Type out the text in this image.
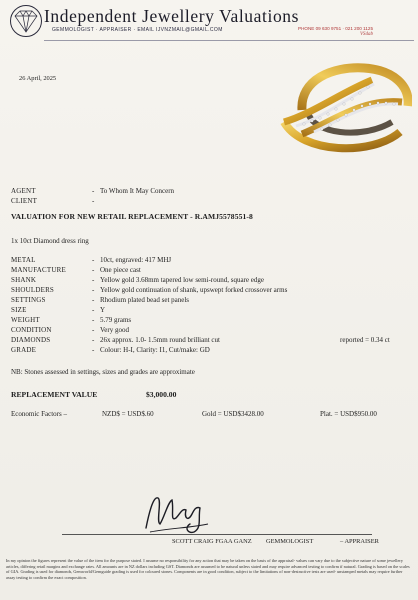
Independent Jewellery Valuations
GEMMOLOGIST · APPRAISER · EMAIL IJVNZMAIL@GMAIL.COM	PHONE 09 630 9751 · 021 200 1125
VS4ab
26 April, 2025
AGENT	- To Whom It May Concern
CLIENT	-
VALUATION FOR NEW RETAIL REPLACEMENT - R.AMJ5578551-8
1x 10ct Diamond dress ring
METAL	- 10ct, engraved: 417 MHJ
MANUFACTURE	- One piece cast
SHANK	- Yellow gold 3.68mm tapered low semi-round, square edge
SHOULDERS	- Yellow gold continuation of shank, upswept forked crossover arms
SETTINGS	- Rhodium plated bead set panels
SIZE	- Y
WEIGHT	- 5.79 grams
CONDITION	- Very good
DIAMONDS	- 26x approx. 1.0- 1.5mm round brilliant cut	reported = 0.34 ct
GRADE	- Colour: H-I, Clarity: I1, Cut/make: GD
NB: Stones assessed in settings, sizes and grades are approximate
REPLACEMENT VALUE	$3,000.00
Economic Factors –	NZD$ = USD$.60	Gold = USD$3428.00	Plat. = USD$950.00
SCOTT CRAIG FGAA GANZ GEMMOLOGIST	– APPRAISER
In my opinion the figures represent the value of the item for the purpose stated. I assume no responsibility for any action that may be taken on the basis of the appraisal- values can vary due to the subjective nature of some jewellery articles, differing retail margins and exchange rates. All amounts are in NZ dollars including GST. Diamonds are assumed to be natural unless stated and may require advanced testing to confirm if natural. Grading is based on the scales of GIA. Grading is used for diamonds, Gemworld/Gemguide grading is used for coloured stones. Components are in good condition, subject to the limitations of non-destructive tests are used- unstamped metals may require further assay testing to confirm the exact composition.
